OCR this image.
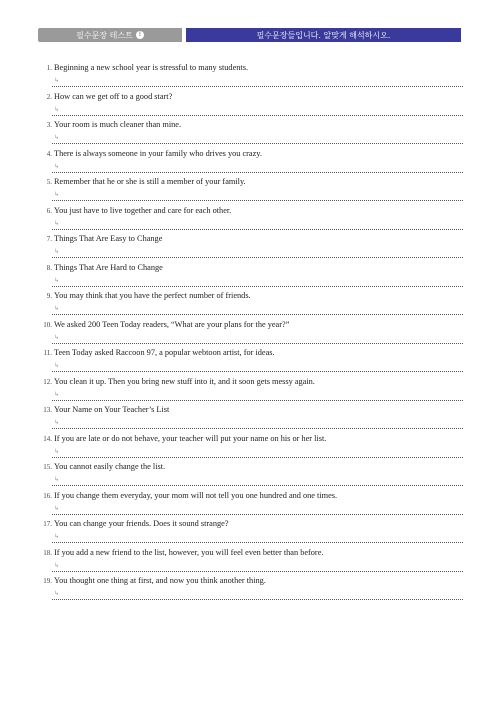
필수문장 테스트 !	필수문장들입니다. 알맞게 해석하시오.
1. Beginning a new school year is stressful to many students.
↳
2. How can we get off to a good start?
↳
3. Your room is much cleaner than mine.
↳
4. There is always someone in your family who drives you crazy.
↳
5. Remember that he or she is still a member of your family.
↳
6. You just have to live together and care for each other.
↳
7. Things That Are Easy to Change
↳
8. Things That Are Hard to Change
↳
9. You may think that you have the perfect number of friends.
↳
10. We asked 200 Teen Today readers, “What are your plans for the year?”
↳
11. Teen Today asked Raccoon 97, a popular webtoon artist, for ideas.
↳
12. You clean it up. Then you bring new stuff into it, and it soon gets messy again.
↳
13. Your Name on Your Teacher’s List
↳
14. If you are late or do not behave, your teacher will put your name on his or her list.
↳
15. You cannot easily change the list.
↳
16. If you change them everyday, your mom will not tell you one hundred and one times.
↳
17. You can change your friends. Does it sound strange?
↳
18. If you add a new friend to the list, however, you will feel even better than before.
↳
19. You thought one thing at first, and now you think another thing.
↳
